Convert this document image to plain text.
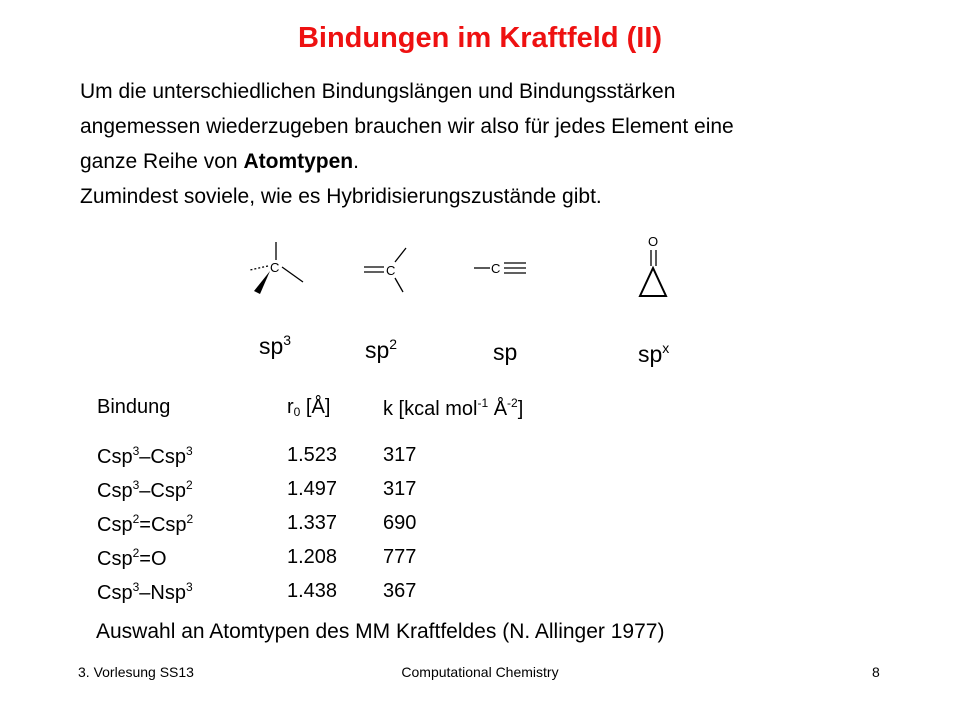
Bindungen im Kraftfeld (II)

Um die unterschiedlichen Bindungslängen und Bindungsstärken

angemessen wiederzugeben brauchen wir also für jedes Element eine

ganze Reihe von Atomtypen.

Zumindest soviele, wie es Hybridisierungszustände gibt.

C	C	C
O
$sp^3$	$sp^2$	sp	$sp^x$
Bindung	$r_0$ [Å]	k [kcal mol$^{-1}$ $Å^{-2}$]
Csp$^3$–Csp$^3$	1.523 317
Csp$^3$–Csp$^2$	1.497 317
Csp$^2$=Csp$^2$	1.337 690
Csp$^2$=O	1.208 777
Csp$^3$–Nsp$^3$	1.438 367
Auswahl an Atomtypen des MM Kraftfeldes (N. Allinger 1977)
3. Vorlesung SS13	Computational Chemistry	8
